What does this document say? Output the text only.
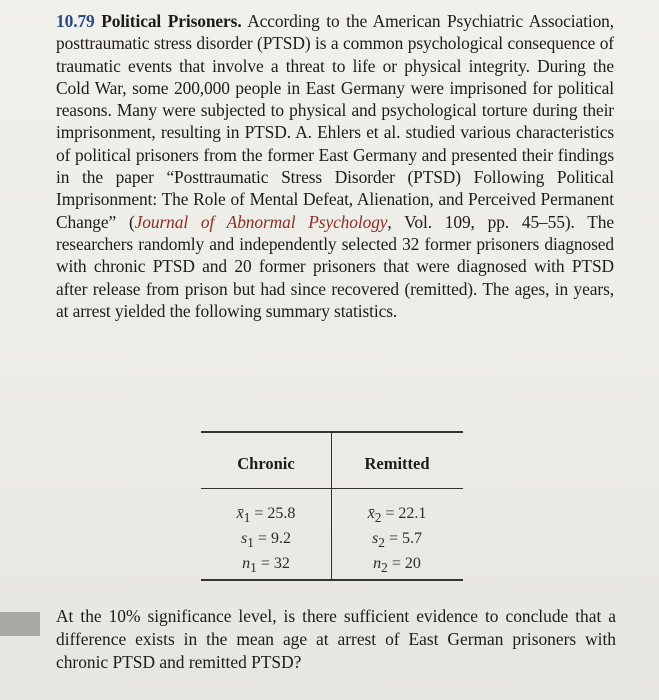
10.79 Political Prisoners. According to the American Psychiatric Association, posttraumatic stress disorder (PTSD) is a common psychological consequence of traumatic events that involve a threat to life or physical integrity. During the Cold War, some 200,000 people in East Germany were imprisoned for political reasons. Many were subjected to physical and psychological torture during their imprisonment, resulting in PTSD. A. Ehlers et al. studied various characteristics of political prisoners from the former East Germany and presented their findings in the paper “Posttraumatic Stress Disorder (PTSD) Following Political Imprisonment: The Role of Mental Defeat, Alienation, and Perceived Permanent Change” (Journal of Abnormal Psychology, Vol. 109, pp. 45–55). The researchers randomly and independently selected 32 former prisoners diagnosed with chronic PTSD and 20 former prisoners that were diagnosed with PTSD after release from prison but had since recovered (remitted). The ages, in years, at arrest yielded the following summary statistics.
Chronic	Remitted
$x̄_1 = 25.8$
$s_1 = 9.2$
$n_1 = 32$
$x̄_2 = 22.1$
$s_2 = 5.7$
$n_2 = 20$
At the 10% significance level, is there sufficient evidence to conclude that a difference exists in the mean age at arrest of East German prisoners with chronic PTSD and remitted PTSD?
